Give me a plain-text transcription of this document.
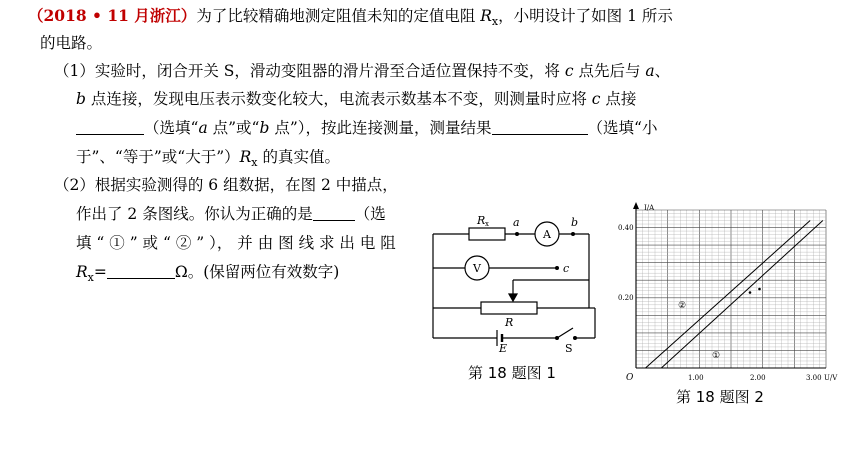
（2018 • 11 月浙江）为了比较精确地测定阻值未知的定值电阻 $R_x$，小明设计了如图 1 所示
的电路。
（1）实验时，闭合开关 S，滑动变阻器的滑片滑至合适位置保持不变，将 c 点先后与 a、
b 点连接，发现电压表示数变化较大，电流表示数基本不变，则测量时应将 c 点接
（选填“a 点”或“b 点”），按此连接测量，测量结果	（选填“小
于”、“等于”或“大于$”)R_x$ 的真实值。
（2）根据实验测得的 6 组数据，在图 2 中描点，
作出了 2 条图线。你认为正确的是	（选
填 “ ① ” 或 “ ② ” ）， 并 由 图 线 求 出 电 阻
$R_x=$	Ω。(保留两位有效数字)
R x a	b
A
V	c
R
E	S
第 18 题图 1
I/A
U/V
O
0.20
0.40
1.00	2.00	3.00
①
②
第 18 题图 2
